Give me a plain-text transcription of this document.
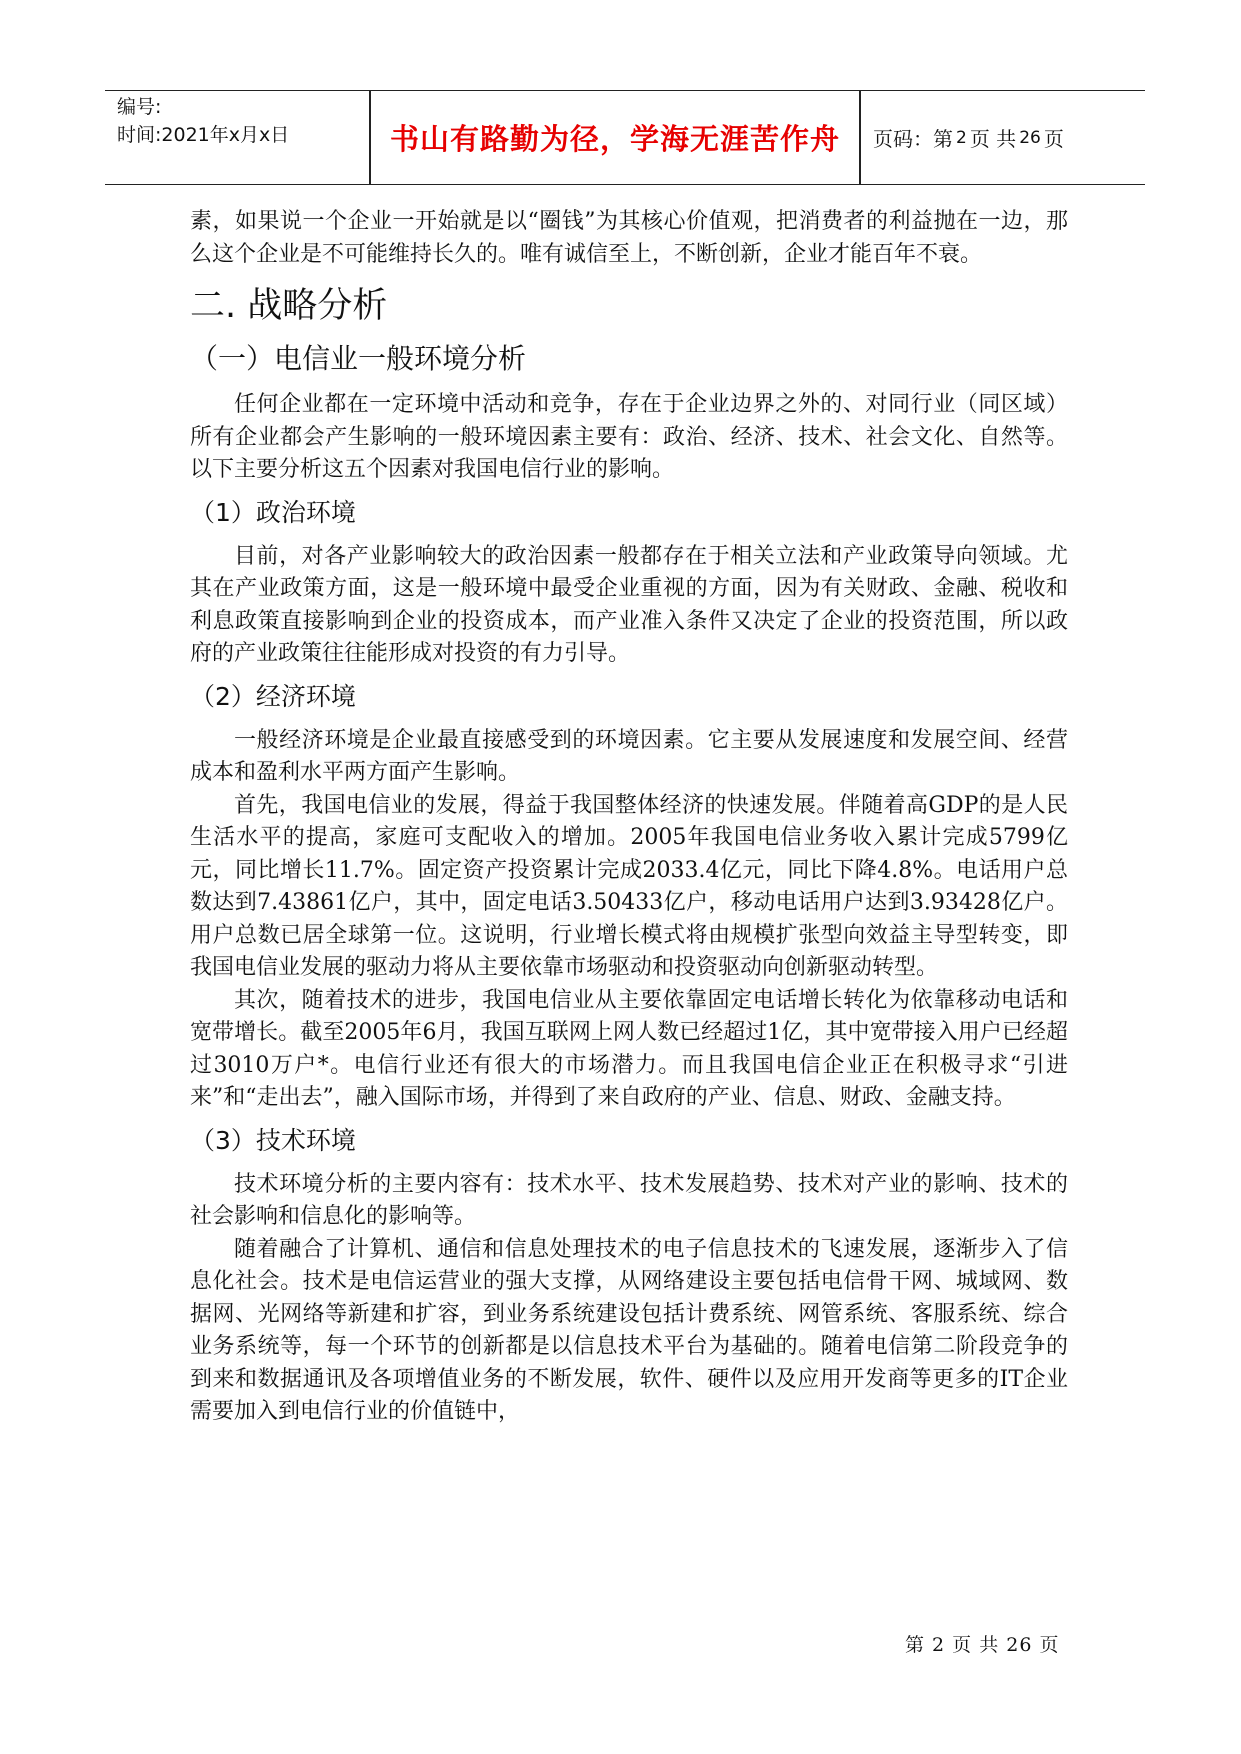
编号:
时间:2021年x月x日	书山有路勤为径，学海无涯苦作舟	页码：第 2 页 共 26 页

素，如果说一个企业一开始就是以“圈钱”为其核心价值观，把消费者的利益抛在一边，那么这个企业是不可能维持长久的。唯有诚信至上，不断创新，企业才能百年不衰。

二. 战略分析
（一）电信业一般环境分析

任何企业都在一定环境中活动和竞争，存在于企业边界之外的、对同行业（同区域）所有企业都会产生影响的一般环境因素主要有：政治、经济、技术、社会文化、自然等。以下主要分析这五个因素对我国电信行业的影响。

（1）政治环境

目前，对各产业影响较大的政治因素一般都存在于相关立法和产业政策导向领域。尤其在产业政策方面，这是一般环境中最受企业重视的方面，因为有关财政、金融、税收和利息政策直接影响到企业的投资成本，而产业准入条件又决定了企业的投资范围，所以政府的产业政策往往能形成对投资的有力引导。

（2）经济环境

一般经济环境是企业最直接感受到的环境因素。它主要从发展速度和发展空间、经营成本和盈利水平两方面产生影响。

首先，我国电信业的发展，得益于我国整体经济的快速发展。伴随着高GDP的是人民生活水平的提高，家庭可支配收入的增加。2005年我国电信业务收入累计完成5799亿元，同比增长11.7%。固定资产投资累计完成2033.4亿元，同比下降4.8%。电话用户总数达到7.43861亿户，其中，固定电话3.50433亿户，移动电话用户达到3.93428亿户。用户总数已居全球第一位。这说明，行业增长模式将由规模扩张型向效益主导型转变，即我国电信业发展的驱动力将从主要依靠市场驱动和投资驱动向创新驱动转型。

其次，随着技术的进步，我国电信业从主要依靠固定电话增长转化为依靠移动电话和宽带增长。截至2005年6月，我国互联网上网人数已经超过1亿，其中宽带接入用户已经超过3010万户*。电信行业还有很大的市场潜力。而且我国电信企业正在积极寻求“引进来”和“走出去”，融入国际市场，并得到了来自政府的产业、信息、财政、金融支持。

（3）技术环境

技术环境分析的主要内容有：技术水平、技术发展趋势、技术对产业的影响、技术的社会影响和信息化的影响等。

随着融合了计算机、通信和信息处理技术的电子信息技术的飞速发展，逐渐步入了信息化社会。技术是电信运营业的强大支撑，从网络建设主要包括电信骨干网、城域网、数据网、光网络等新建和扩容，到业务系统建设包括计费系统、网管系统、客服系统、综合业务系统等，每一个环节的创新都是以信息技术平台为基础的。随着电信第二阶段竞争的到来和数据通讯及各项增值业务的不断发展，软件、硬件以及应用开发商等更多的IT企业需要加入到电信行业的价值链中，

第 2 页 共 26 页
